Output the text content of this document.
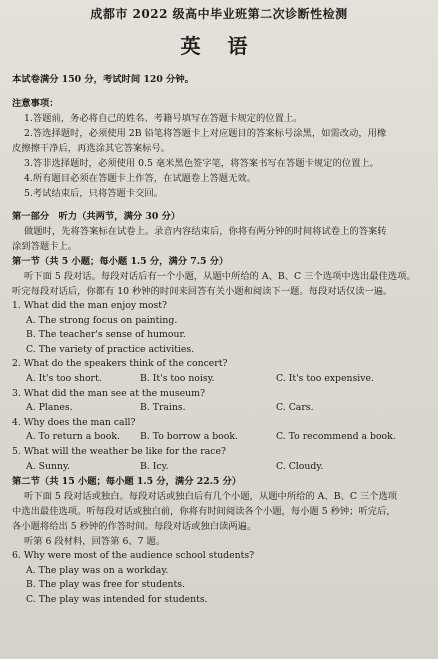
成都市 2022 级高中毕业班第二次诊断性检测

英 语

本试卷满分 150 分，考试时间 120 分钟。

注意事项：

1.答题前，务必将自己的姓名、考籍号填写在答题卡规定的位置上。

2.答选择题时，必须使用 2B 铅笔将答题卡上对应题目的答案标号涂黑，如需改动，用橡

皮擦擦干净后，再选涂其它答案标号。

3.答非选择题时，必须使用 0.5 毫米黑色签字笔，将答案书写在答题卡规定的位置上。

4.所有题目必须在答题卡上作答，在试题卷上答题无效。

5.考试结束后，只将答题卡交回。

第一部分　听力（共两节，满分 30 分）

做题时，先将答案标在试卷上。录音内容结束后，你将有两分钟的时间将试卷上的答案转

涂到答题卡上。

第一节（共 5 小题；每小题 1.5 分，满分 7.5 分）

听下面 5 段对话。每段对话后有一个小题，从题中所给的 A、B、C 三个选项中选出最佳选项。

听完每段对话后，你都有 10 秒钟的时间来回答有关小题和阅读下一题。每段对话仅读一遍。

1. What did the man enjoy most?

A. The strong focus on painting.

B. The teacher's sense of humour.

C. The variety of practice activities.

2. What do the speakers think of the concert?

A. It's too short.	B. It's too noisy.	C. It's too expensive.

3. What did the man see at the museum?

A. Planes.	B. Trains.	C. Cars.

4. Why does the man call?

A. To return a book.	B. To borrow a book.	C. To recommend a book.

5. What will the weather be like for the race?

A. Sunny.	B. Icy.	C. Cloudy.

第二节（共 15 小题；每小题 1.5 分，满分 22.5 分）

听下面 5 段对话或独白。每段对话或独白后有几个小题，从题中所给的 A、B、C 三个选项

中选出最佳选项。听每段对话或独白前，你将有时间阅读各个小题，每小题 5 秒钟；听完后，

各小题将给出 5 秒钟的作答时间。每段对话或独白读两遍。

听第 6 段材料，回答第 6、7 题。

6. Why were most of the audience school students?

A. The play was on a workday.

B. The play was free for students.

C. The play was intended for students.
